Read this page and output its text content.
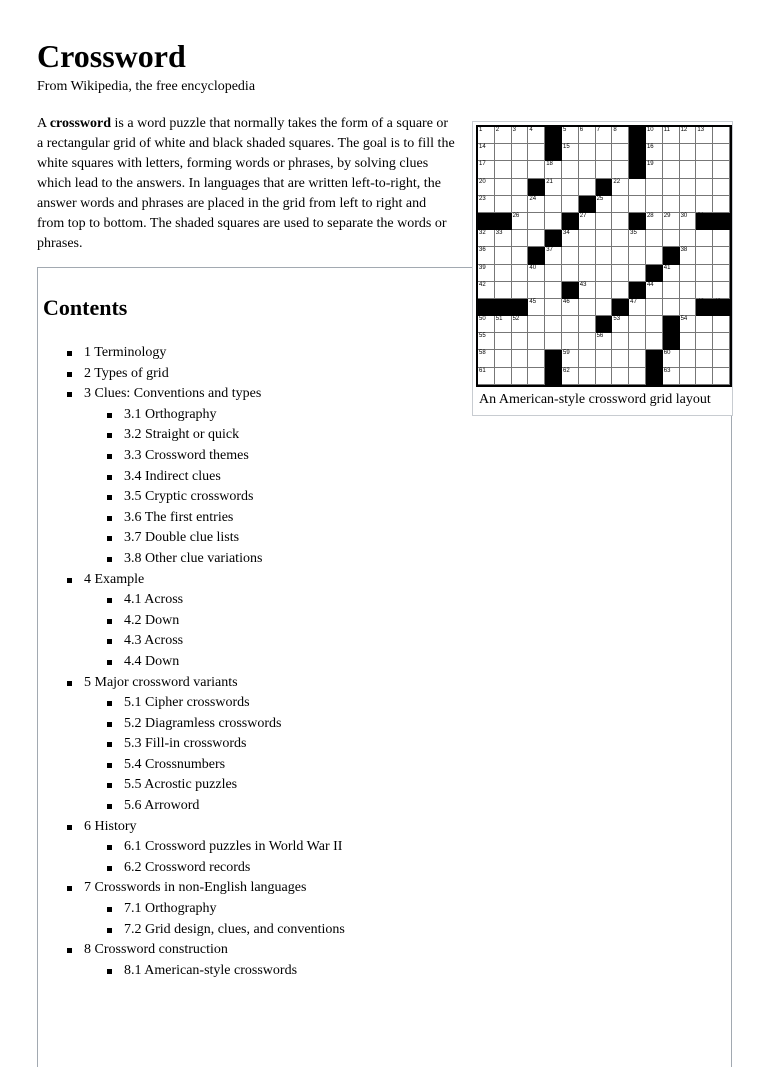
Crossword

From Wikipedia, the free encyclopedia

A crossword is a word puzzle that normally takes the form of a square or a rectangular grid of white and black shaded squares. The goal is to fill the white squares with letters, forming words or phrases, by solving clues which lead to the answers. In languages that are written left-to-right, the answer words and phrases are placed in the grid from left to right and from top to bottom. The shaded squares are used to separate the words or phrases.

Contents
1 Terminology
2 Types of grid
3 Clues: Conventions and types
3.1 Orthography
3.2 Straight or quick
3.3 Crossword themes
3.4 Indirect clues
3.5 Cryptic crosswords
3.6 The first entries
3.7 Double clue lists
3.8 Other clue variations
4 Example
4.1 Across
4.2 Down
4.3 Across
4.4 Down
5 Major crossword variants
5.1 Cipher crosswords
5.2 Diagramless crosswords
5.3 Fill-in crosswords
5.4 Crossnumbers
5.5 Acrostic puzzles
5.6 Arroword
6 History
6.1 Crossword puzzles in World War II
6.2 Crossword records
7 Crosswords in non-English languages
7.1 Orthography
7.2 Grid design, clues, and conventions
8 Crossword construction
8.1 American-style crosswords
1 2 3 4	5 6 7 8	10 11 12 13
14	15	16
17	18	19
20	21	22
23	24	25
26	27	28 29 30 31
32 33	34	35
36	37	38
39	40	41
42	43	44
45	46	47	48 49
50 51 52	53	54
55	56	57
58	59	60
61	62	63
An American-style crossword grid layout
